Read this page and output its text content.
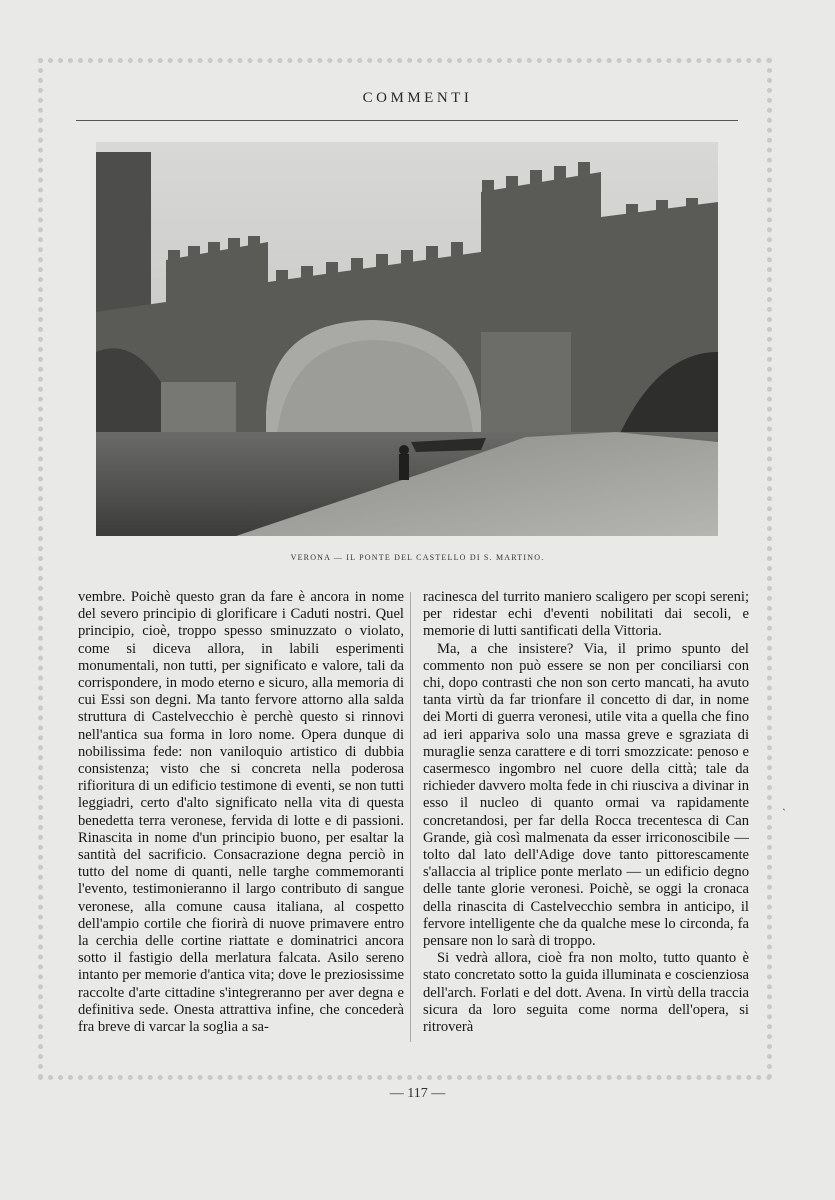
COMMENTI
VERONA — IL PONTE DEL CASTELLO DI S. MARTINO.

vembre. Poichè questo gran da fare è ancora in nome del severo principio di glorificare i Caduti nostri. Quel principio, cioè, troppo spesso sminuzzato o violato, come si diceva allora, in labili esperimenti monumentali, non tutti, per significato e valore, tali da corrispondere, in modo eterno e sicuro, alla memoria di cui Essi son degni. Ma tanto fervore attorno alla salda struttura di Castelvecchio è perchè questo si rinnovi nell'antica sua forma in loro nome. Opera dunque di nobilissima fede: non vaniloquio artistico di dubbia consistenza; visto che si concreta nella poderosa rifioritura di un edificio testimone di eventi, se non tutti leggiadri, certo d'alto significato nella vita di questa benedetta terra veronese, fervida di lotte e di passioni. Rinascita in nome d'un principio buono, per esaltar la santità del sacrificio. Consacrazione degna perciò in tutto del nome di quanti, nelle targhe commemoranti l'evento, testimonieranno il largo contributo di sangue veronese, alla comune causa italiana, al cospetto dell'ampio cortile che fiorirà di nuove primavere entro la cerchia delle cortine riattate e dominatrici ancora sotto il fastigio della merlatura falcata. Asilo sereno intanto per memorie d'antica vita; dove le preziosissime raccolte d'arte cittadine s'integreranno per aver degna e definitiva sede. Onesta attrattiva infine, che concederà fra breve di varcar la soglia a sa-

racinesca del turrito maniero scaligero per scopi sereni; per ridestar echi d'eventi nobilitati dai secoli, e memorie di lutti santificati della Vittoria.

Ma, a che insistere? Via, il primo spunto del commento non può essere se non per conciliarsi con chi, dopo contrasti che non son certo mancati, ha avuto tanta virtù da far trionfare il concetto di dar, in nome dei Morti di guerra veronesi, utile vita a quella che fino ad ieri appariva solo una massa greve e sgraziata di muraglie senza carattere e di torri smozzicate: penoso e casermesco ingombro nel cuore della città; tale da richieder davvero molta fede in chi riusciva a divinar in esso il nucleo di quanto ormai va rapidamente concretandosi, per far della Rocca trecentesca di Can Grande, già così malmenata da esser irriconoscibile — tolto dal lato dell'Adige dove tanto pittorescamente s'allaccia al triplice ponte merlato — un edificio degno delle tante glorie veronesi. Poichè, se oggi la cronaca della rinascita di Castelvecchio sembra in anticipo, il fervore intelligente che da qualche mese lo circonda, fa pensare non lo sarà di troppo.

Si vedrà allora, cioè fra non molto, tutto quanto è stato concretato sotto la guida illuminata e coscienziosa dell'arch. Forlati e del dott. Avena. In virtù della traccia sicura da loro seguita come norma dell'opera, si ritroverà

ˋ
— 117 —
